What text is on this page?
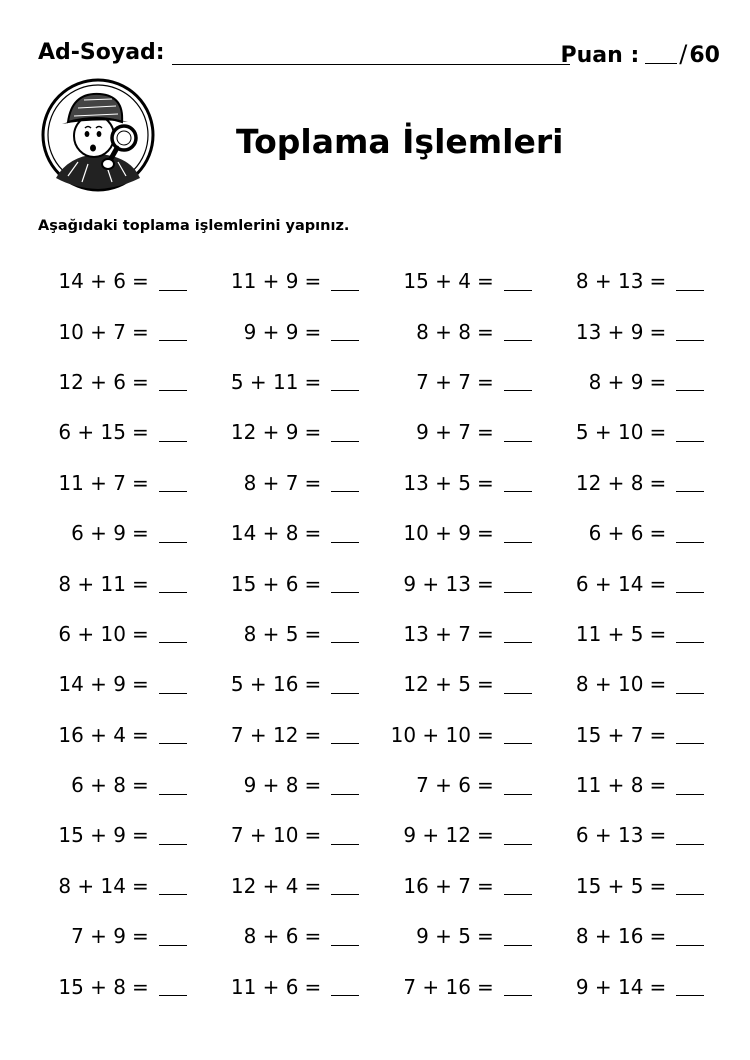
Ad-Soyad:	Puan : / 60
Toplama İşlemleri
Aşağıdaki toplama işlemlerini yapınız.
14 + 6 =	11 + 9 =	15 + 4 =	8 + 13 =
10 + 7 =	9 + 9 =	8 + 8 =	13 + 9 =
12 + 6 =	5 + 11 =	7 + 7 =	8 + 9 =
6 + 15 =	12 + 9 =	9 + 7 =	5 + 10 =
11 + 7 =	8 + 7 =	13 + 5 =	12 + 8 =
6 + 9 =	14 + 8 =	10 + 9 =	6 + 6 =
8 + 11 =	15 + 6 =	9 + 13 =	6 + 14 =
6 + 10 =	8 + 5 =	13 + 7 =	11 + 5 =
14 + 9 =	5 + 16 =	12 + 5 =	8 + 10 =
16 + 4 =	7 + 12 =	10 + 10 =	15 + 7 =
6 + 8 =	9 + 8 =	7 + 6 =	11 + 8 =
15 + 9 =	7 + 10 =	9 + 12 =	6 + 13 =
8 + 14 =	12 + 4 =	16 + 7 =	15 + 5 =
7 + 9 =	8 + 6 =	9 + 5 =	8 + 16 =
15 + 8 =	11 + 6 =	7 + 16 =	9 + 14 =
